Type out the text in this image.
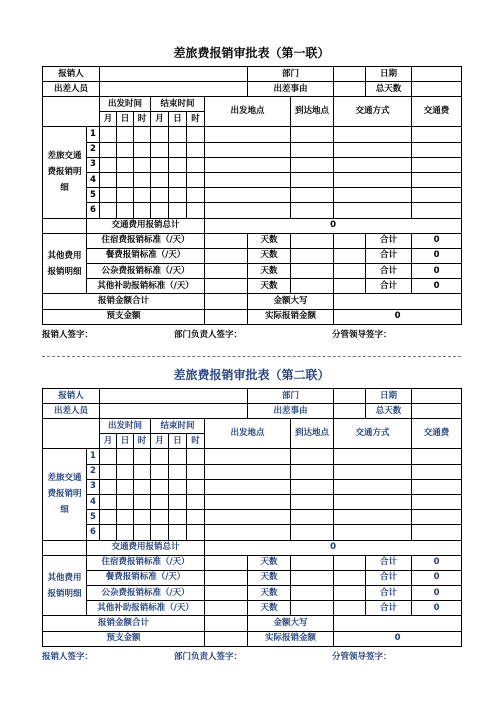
差旅费报销审批表（第一联）
报销人									部门			日期	
出差人员									出差事由			总天数	
		出发时间			结束时间			出发地点		到达地点	交通方式		交通费
		月	日	时	月	日	时						
差旅交通费报销明细	1												
	2												
	3												
	4												
	5												
	6												
	交通费用报销总计							0					
其他费用报销明细	住宿费报销标准（/天）								天数			合计	0
	餐费报销标准（/天）								天数			合计	0
	公杂费报销标准（/天）								天数			合计	0
	其他补助报销标准（/天）								天数			合计	0
报销金额合计									金额大写				
预支金额									实际报销金额		0		
报销人签字：	部门负责人签字：	分管领导签字：
差旅费报销审批表（第二联）
报销人									部门			日期	
出差人员									出差事由			总天数	
		出发时间			结束时间			出发地点		到达地点	交通方式		交通费
		月	日	时	月	日	时						
差旅交通费报销明细	1												
	2												
	3												
	4												
	5												
	6												
	交通费用报销总计							0					
其他费用报销明细	住宿费报销标准（/天）								天数			合计	0
	餐费报销标准（/天）								天数			合计	0
	公杂费报销标准（/天）								天数			合计	0
	其他补助报销标准（/天）								天数			合计	0
报销金额合计									金额大写				
预支金额									实际报销金额		0		
报销人签字：	部门负责人签字：	分管领导签字：
